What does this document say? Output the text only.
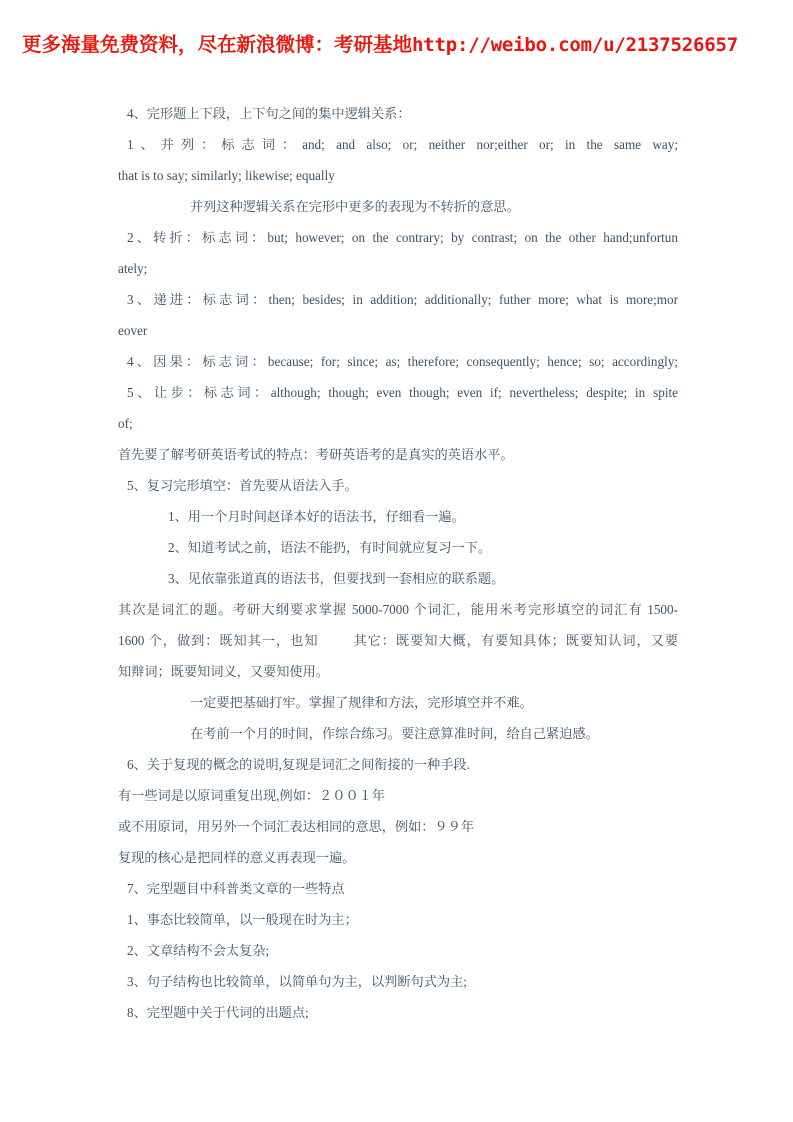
更多海量免费资料，尽在新浪微博：考研基地 http://weibo.com/u/2137526657
4、完形题上下段，上下句之间的集中逻辑关系：
1、并列：标志词：and; and also; or; neither nor;either or; in the same way;
that is to say; similarly; likewise; equally
并列这种逻辑关系在完形中更多的表现为不转折的意思。
2、转折：标志词：but; however; on the contrary; by contrast; on the other hand;unfortun
ately;
3、递进：标志词：then; besides; in addition; additionally; futher more; what is more;mor
eover
4、因果：标志词：because; for; since; as; therefore; consequently; hence; so; accordingly;
5、让步：标志词：although; though; even though; even if; nevertheless; despite; in spite
of;
首先要了解考研英语考试的特点：考研英语考的是真实的英语水平。
5、复习完形填空：首先要从语法入手。
1、用一个月时间赵译本好的语法书，仔细看一遍。
2、知道考试之前，语法不能扔，有时间就应复习一下。
3、见依靠张道真的语法书，但要找到一套相应的联系题。
其次是词汇的题。考研大纲要求掌握 5000-7000 个词汇，能用米考完形填空的词汇有 1500-
1600 个，做到：既知其一，也知	其它：既要知大概，有要知具体；既要知认词，又要
知辩词；既要知词义，又要知使用。
一定要把基础打牢。掌握了规律和方法，完形填空并不难。
在考前一个月的时间，作综合练习。要注意算准时间，给自己紧迫感。
6、关于复现的概念的说明,复现是词汇之间衔接的一种手段.
有一些词是以原词重复出现,例如：２００１年
或不用原词，用另外一个词汇表达相同的意思，例如：９９年
复现的核心是把同样的意义再表现一遍。
7、完型题目中科普类文章的一些特点
1、事态比较简单，以一般现在时为主；
2、文章结构不会太复杂;
3、句子结构也比较简单，以简单句为主，以判断句式为主;
8、完型题中关于代词的出题点;
